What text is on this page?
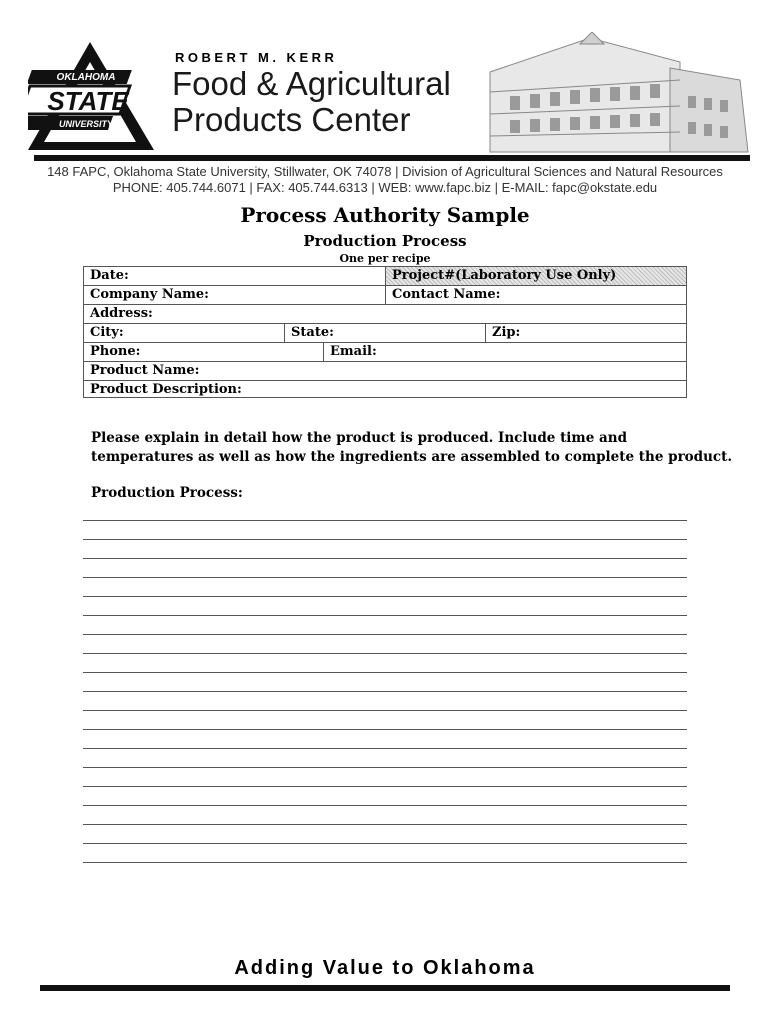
OKLAHOMA
STATE
UNIVERSITY
ROBERT M. KERR
Food & Agricultural
Products Center
148 FAPC, Oklahoma State University, Stillwater, OK 74078 | Division of Agricultural Sciences and Natural Resources
PHONE: 405.744.6071 | FAX: 405.744.6313 | WEB: www.fapc.biz | E-MAIL: fapc@okstate.edu
Process Authority Sample
Production Process
One per recipe
Date:	Project#(Laboratory Use Only)
Company Name:	Contact Name:
Address:
City:	State:	Zip:
Phone:	Email:
Product Name:
Product Description:
Please explain in detail how the product is produced. Include time and
temperatures as well as how the ingredients are assembled to complete the product.
Production Process:
Adding Value to Oklahoma
